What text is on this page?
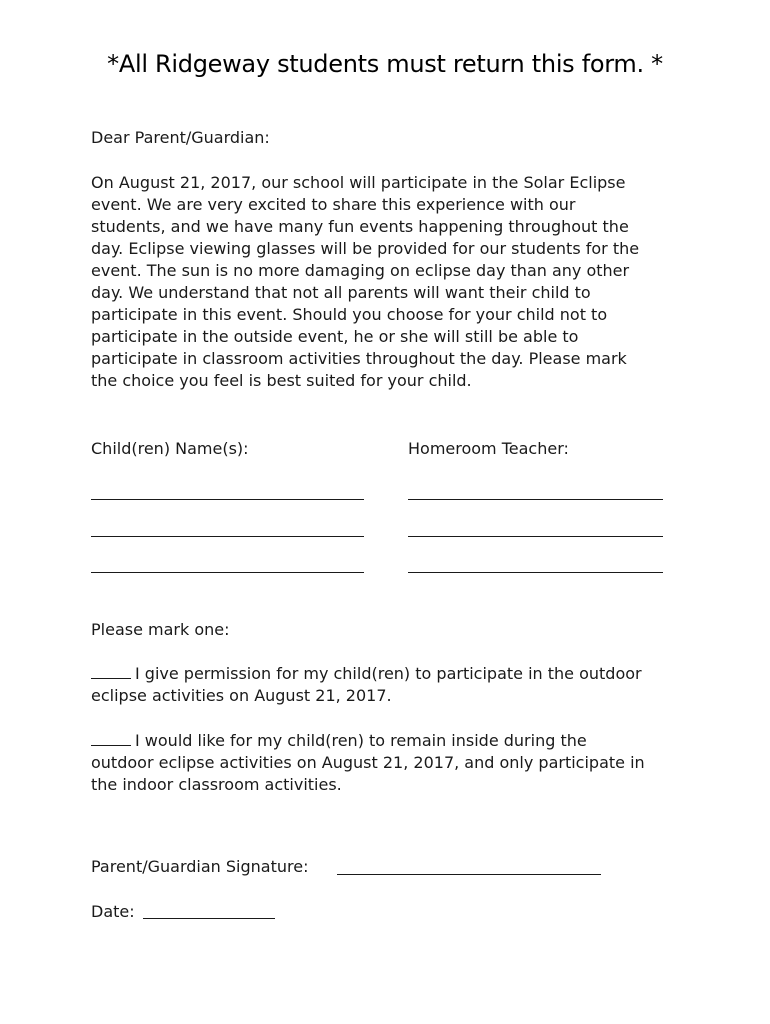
*All Ridgeway students must return this form. *
Dear Parent/Guardian:
On August 21, 2017, our school will participate in the Solar Eclipse
event. We are very excited to share this experience with our
students, and we have many fun events happening throughout the
day. Eclipse viewing glasses will be provided for our students for the
event. The sun is no more damaging on eclipse day than any other
day. We understand that not all parents will want their child to
participate in this event. Should you choose for your child not to
participate in the outside event, he or she will still be able to
participate in classroom activities throughout the day. Please mark
the choice you feel is best suited for your child.
Child(ren) Name(s):	Homeroom Teacher:
Please mark one:
I give permission for my child(ren) to participate in the outdoor
eclipse activities on August 21, 2017.
I would like for my child(ren) to remain inside during the
outdoor eclipse activities on August 21, 2017, and only participate in
the indoor classroom activities.
Parent/Guardian Signature:
Date:
